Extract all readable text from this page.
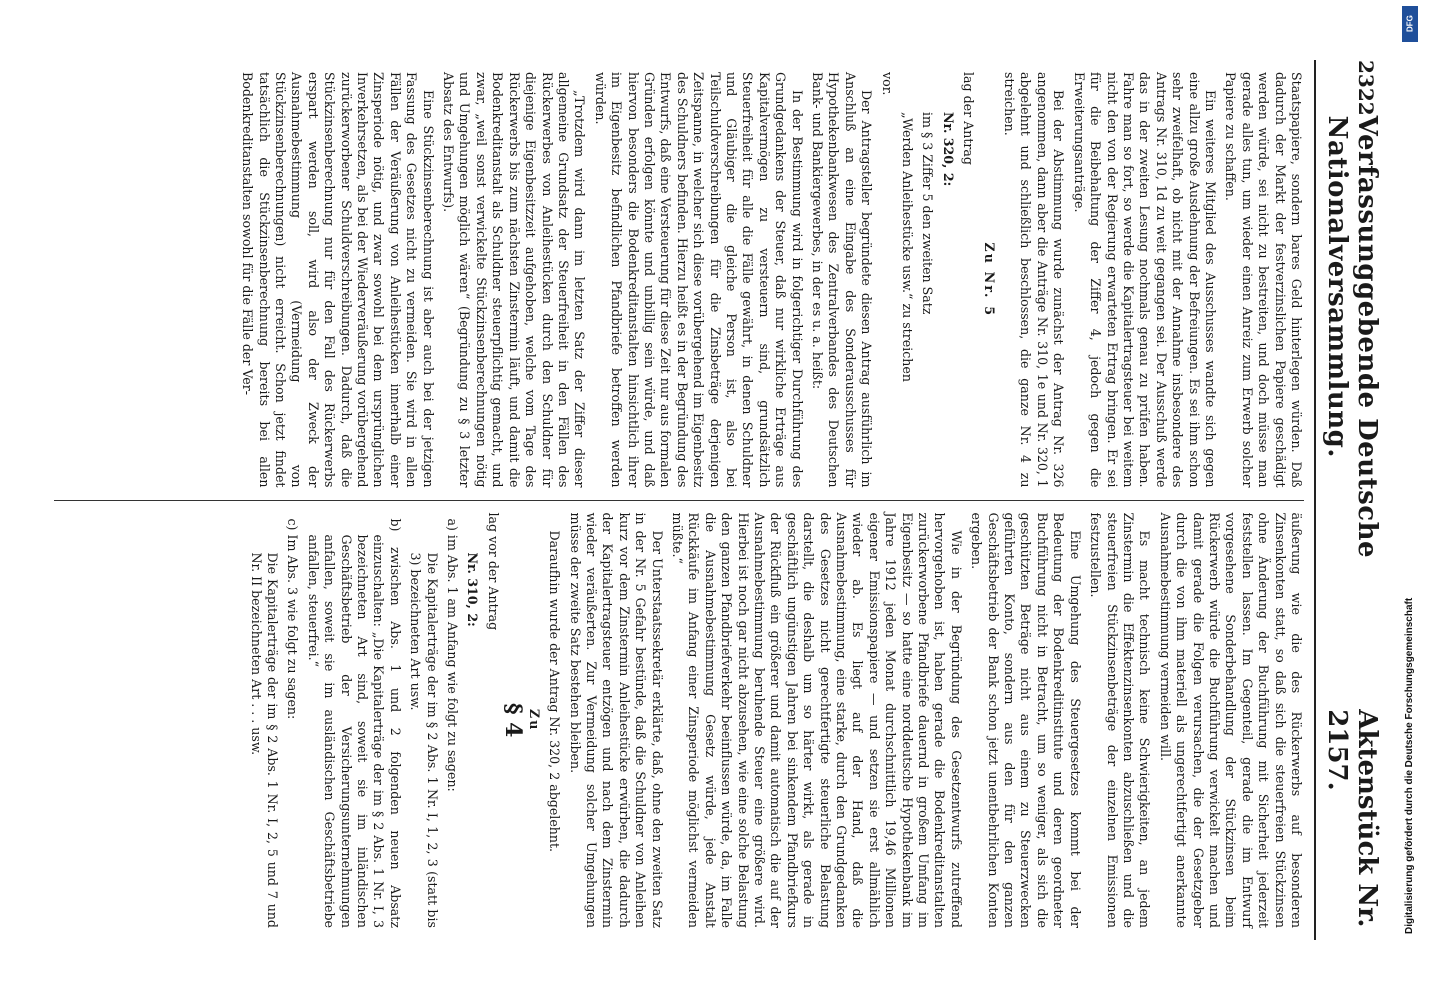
2322
Verfassunggebende Deutsche Nationalversammlung.
Aktenstück Nr. 2157.

Staatspapiere, sondern bares Geld hinterlegen würden. Daß dadurch der Markt der festverzinslichen Papiere geschädigt werden würde, sei nicht zu bestreiten, und doch müsse man gerade alles tun, um wieder einen Anreiz zum Erwerb solcher Papiere zu schaffen.

Ein weiteres Mitglied des Ausschusses wandte sich gegen eine allzu große Ausdehnung der Befreiungen. Es sei ihm schon sehr zweifelhaft, ob nicht mit der Annahme insbesondere des Antrags Nr. 310, 1d zu weit gegangen sei. Der Ausschuß werde das in der zweiten Lesung nochmals genau zu prüfen haben. Fahre man so fort, so werde die Kapitalertragsteuer bei weitem nicht den von der Regierung erwarteten Ertrag bringen. Er sei für die Beibehaltung der Ziffer 4, jedoch gegen die Erweiterungsanträge.

Bei der Abstimmung wurde zunächst der Antrag Nr. 326 angenommen, dann aber die Anträge Nr. 310, 1e und Nr. 320, 1 abgelehnt und schließlich beschlossen, die ganze Nr. 4 zu streichen.

Zu Nr. 5

lag der Antrag

Nr. 320, 2:

im § 3 Ziffer 5 den zweiten Satz

„Werden Anleihestücke usw.“ zu streichen

vor.

Der Antragsteller begründete diesen Antrag ausführlich im Anschluß an eine Eingabe des Sonderausschusses für Hypothekenbankwesen des Zentralverbandes des Deutschen Bank- und Bankiergewerbes, in der es u. a. heißt:

In der Bestimmung wird in folgerichtiger Durchführung des Grundgedankens der Steuer, daß nur wirkliche Erträge aus Kapitalvermögen zu versteuern sind, grundsätzlich Steuerfreiheit für alle die Fälle gewährt, in denen Schuldner und Gläubiger die gleiche Person ist, also bei Teilschuldverschreibungen für die Zinsbeträge derjenigen Zeitspanne, in welcher sich diese vorübergehend im Eigenbesitz des Schuldners befinden. Hierzu heißt es in der Begründung des Entwurfs, daß eine Versteuerung für diese Zeit nur aus formalen Gründen erfolgen könnte und unbillig sein würde, und daß hiervon besonders die Bodenkreditanstalten hinsichtlich ihrer im Eigenbesitz befindlichen Pfandbriefe betroffen werden würden.

„Trotzdem wird dann im letzten Satz der Ziffer dieser allgemeine Grundsatz der Steuerfreiheit in den Fällen des Rückerwerbes von Anleihestücken durch den Schuldner für diejenige Eigenbesitzzeit aufgehoben, welche vom Tage des Rückerwerbs bis zum nächsten Zinstermin läuft, und damit die Bodenkreditanstalt als Schuldner steuerpflichtig gemacht, und zwar, „weil sonst verwickelte Stückzinsenberechnungen nötig und Umgehungen möglich wären“ (Begründung zu § 3 letzter Absatz des Entwurfs).

Eine Stückzinsenberechnung ist aber auch bei der jetzigen Fassung des Gesetzes nicht zu vermeiden. Sie wird in allen Fällen der Veräußerung von Anleihestücken innerhalb einer Zinsperiode nötig, und zwar sowohl bei dem ursprünglichen Inverkehrsetzen, als bei der Wiederveräußerung vorübergehend zurückerworbener Schuldverschreibungen. Dadurch, daß die Stückzinsenberechnung nur für den Fall des Rückerwerbs erspart werden soll, wird also der Zweck der Ausnahmebestimmung (Vermeidung von Stückzinsenberechnungen) nicht erreicht. Schon jetzt findet tatsächlich die Stückzinsenberechnung bereits bei allen Bodenkreditanstalten sowohl für die Fälle der Ver-

äußerung wie die des Rückerwerbs auf besonderen Zinsenkonten statt, so daß sich die steuerfreien Stückzinsen ohne Änderung der Buchführung mit Sicherheit jederzeit feststellen lassen. Im Gegenteil, gerade die im Entwurf vorgesehene Sonderbehandlung der Stückzinsen beim Rückerwerb würde die Buchführung verwickelt machen und damit gerade die Folgen verursachen, die der Gesetzgeber durch die von ihm materiell als ungerechtfertigt anerkannte Ausnahmebestimmung vermeiden will.

Es macht technisch keine Schwierigkeiten, an jedem Zinstermin die Effektenzinsenkonten abzuschließen und die steuerfreien Stückzinsenbeträge der einzelnen Emissionen festzustellen.

Eine Umgehung des Steuergesetzes kommt bei der Bedeutung der Bodenkreditinstitute und deren geordneter Buchführung nicht in Betracht, um so weniger, als sich die geschützten Beträge nicht aus einem zu Steuerzwecken geführten Konto, sondern aus den für den ganzen Geschäftsbetrieb der Bank schon jetzt unentbehrlichen Konten ergeben.

Wie in der Begründung des Gesetzentwurfs zutreffend hervorgehoben ist, haben gerade die Bodenkreditanstalten zurückerworbene Pfandbriefe dauernd in großem Umfang im Eigenbesitz — so hatte eine norddeutsche Hypothekenbank im Jahre 1912 jeden Monat durchschnittlich 19,46 Millionen eigener Emissionspapiere — und setzen sie erst allmählich wieder ab. Es liegt auf der Hand, daß die Ausnahmebestimmung, eine starke, durch den Grundgedanken des Gesetzes nicht gerechtfertigte steuerliche Belastung darstellt, die deshalb um so härter wirkt, als gerade in geschäftlich ungünstigen Jahren bei sinkendem Pfandbriefkurs der Rückfluß ein größerer und damit automatisch die auf der Ausnahmebestimmung beruhende Steuer eine größere wird. Hierbei ist noch gar nicht abzusehen, wie eine solche Belastung den ganzen Pfandbriefverkehr beeinflussen würde, da, im Falle die Ausnahmebestimmung Gesetz würde, jede Anstalt Rückkäufe im Anfang einer Zinsperiode möglichst vermeiden müßte.“

Der Unterstaatssekretär erklärte, daß, ohne den zweiten Satz in der Nr. 5 Gefahr bestünde, daß die Schuldner von Anleihen kurz vor dem Zinstermin Anleihestücke erwürben, die dadurch der Kapitalertragsteuer entzögen und nach dem Zinstermin wieder veräußerten. Zur Vermeidung solcher Umgehungen müsse der zweite Satz bestehen bleiben.

Daraufhin wurde der Antrag Nr. 320, 2 abgelehnt.

Zu

§ 4

lag vor der Antrag

Nr. 310, 2:

a) im Abs. 1 am Anfang wie folgt zu sagen:

Die Kapitalerträge der im § 2 Abs. 1 Nr. I, 1, 2, 3 (statt bis 3) bezeichneten Art usw.

b) zwischen Abs. 1 und 2 folgenden neuen Absatz einzuschalten: „Die Kapitalerträge der im § 2 Abs. 1 Nr. I, 3 bezeichneten Art sind, soweit sie im inländischen Geschäftsbetrieb der Versicherungsunternehmungen anfallen, soweit sie im ausländischen Geschäftsbetriebe anfallen, steuerfrei.“

c) Im Abs. 3 wie folgt zu sagen:

Die Kapitalerträge der im § 2 Abs. 1 Nr. I, 2, 5 und 7 und Nr. II bezeichneten Art . . . usw.

DFG
Digitalisierung gefördert durch die Deutsche Forschungsgemeinschaft
